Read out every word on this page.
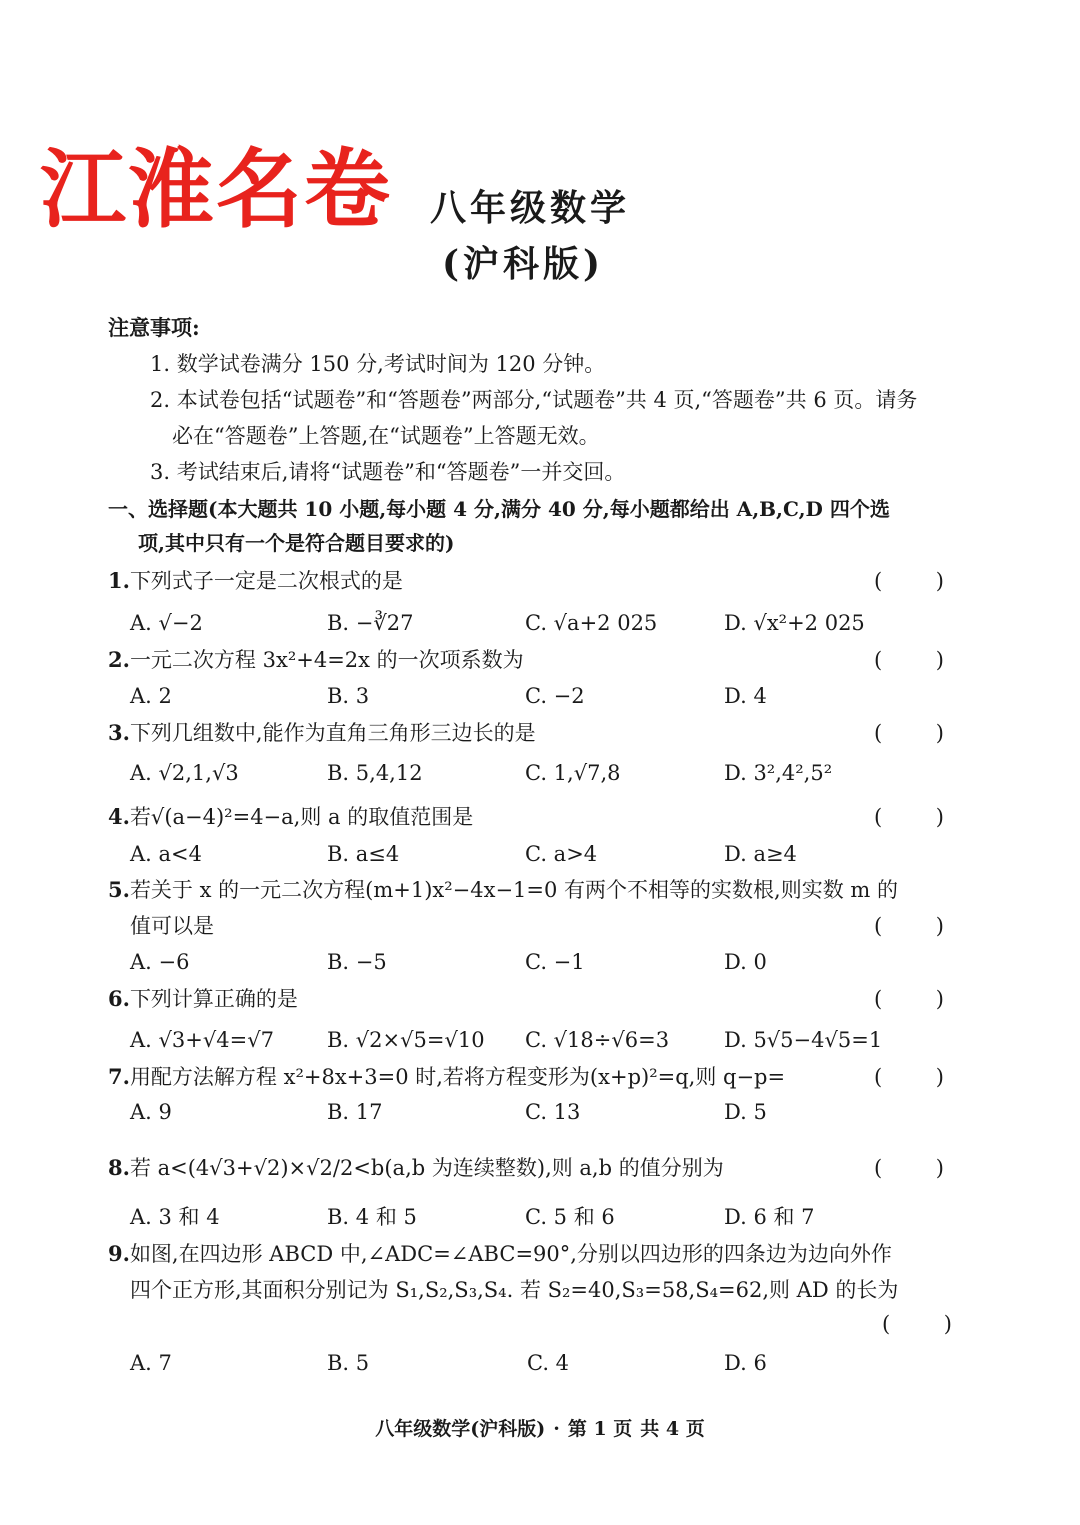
江淮名卷 八年级数学
(沪科版)
注意事项:
1. 数学试卷满分 150 分,考试时间为 120 分钟。
2. 本试卷包括“试题卷”和“答题卷”两部分,“试题卷”共 4 页,“答题卷”共 6 页。请务
必在“答题卷”上答题,在“试题卷”上答题无效。
3. 考试结束后,请将“试题卷”和“答题卷”一并交回。
一、选择题(本大题共 10 小题,每小题 4 分,满分 40 分,每小题都给出 A,B,C,D 四个选
项,其中只有一个是符合题目要求的)
1.下列式子一定是二次根式的是	(	)
A. √−2	B. −∛27	C. √a+2 025	D. √x²+2 025
2.一元二次方程 3x²+4=2x 的一次项系数为	(	)
A. 2	B. 3	C. −2	D. 4
3.下列几组数中,能作为直角三角形三边长的是	(	)
A. √2,1,√3	B. 5,4,12	C. 1,√7,8	D. 3²,4²,5²
4.若√(a−4)²=4−a,则 a 的取值范围是	(	)
A. a<4	B. a≤4	C. a>4	D. a≥4
5.若关于 x 的一元二次方程(m+1)x²−4x−1=0 有两个不相等的实数根,则实数 m 的
值可以是	(	)
A. −6	B. −5	C. −1	D. 0
6.下列计算正确的是	(	)
A. √3+√4=√7	B. √2×√5=√10 C. √18÷√6=3	D. 5√5−4√5=1
7.用配方法解方程 x²+8x+3=0 时,若将方程变形为(x+p)²=q,则 q−p=	(	)
A. 9	B. 17	C. 13	D. 5
8.若 a<(4√3+√2)×√2/2<b(a,b 为连续整数),则 a,b 的值分别为	(	)
A. 3 和 4	B. 4 和 5	C. 5 和 6	D. 6 和 7
9.如图,在四边形 ABCD 中,∠ADC=∠ABC=90°,分别以四边形的四条边为边向外作
四个正方形,其面积分别记为 S₁,S₂,S₃,S₄. 若 S₂=40,S₃=58,S₄=62,则 AD 的长为
(	)
A. 7	B. 5	C. 4	D. 6
八年级数学(沪科版) · 第 1 页 共 4 页
